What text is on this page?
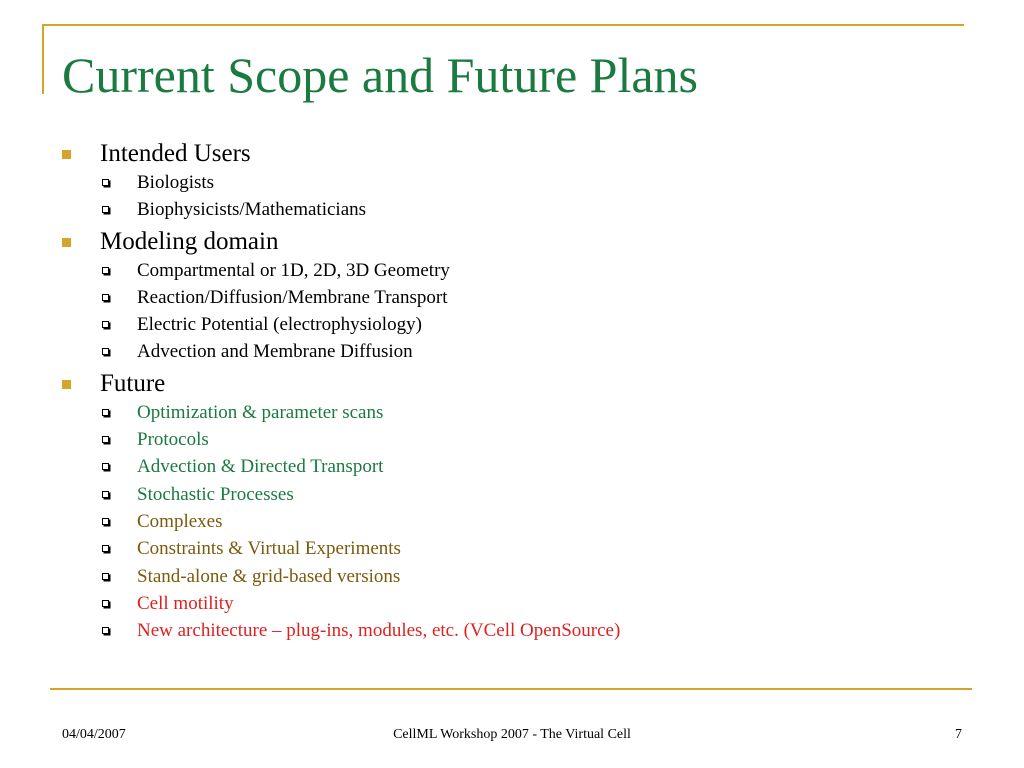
Current Scope and Future Plans
Intended Users
Biologists
Biophysicists/Mathematicians
Modeling domain
Compartmental or 1D, 2D, 3D Geometry
Reaction/Diffusion/Membrane Transport
Electric Potential (electrophysiology)
Advection and Membrane Diffusion
Future
Optimization & parameter scans
Protocols
Advection & Directed Transport
Stochastic Processes
Complexes
Constraints & Virtual Experiments
Stand-alone & grid-based versions
Cell motility
New architecture – plug-ins, modules, etc. (VCell OpenSource)
04/04/2007	CellML Workshop 2007 - The Virtual Cell	7
